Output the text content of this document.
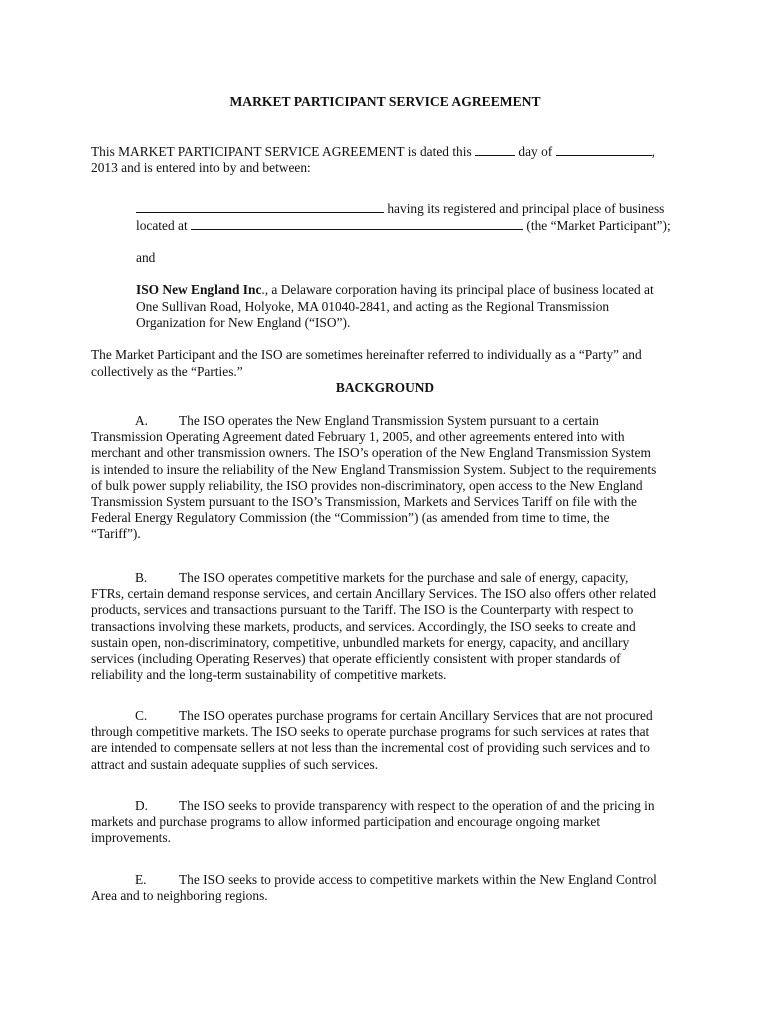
MARKET PARTICIPANT SERVICE AGREEMENT
This MARKET PARTICIPANT SERVICE AGREEMENT is dated this	day of	,
2013 and is entered into by and between:
having its registered and principal place of business
located at	(the “Market Participant”);
and
ISO New England Inc., a Delaware corporation having its principal place of business located at
One Sullivan Road, Holyoke, MA 01040-2841, and acting as the Regional Transmission
Organization for New England (“ISO”).
The Market Participant and the ISO are sometimes hereinafter referred to individually as a “Party” and
collectively as the “Parties.”
BACKGROUND

A. The ISO operates the New England Transmission System pursuant to a certain

Transmission Operating Agreement dated February 1, 2005, and other agreements entered into with

merchant and other transmission owners. The ISO’s operation of the New England Transmission System

is intended to insure the reliability of the New England Transmission System. Subject to the requirements

of bulk power supply reliability, the ISO provides non-discriminatory, open access to the New England

Transmission System pursuant to the ISO’s Transmission, Markets and Services Tariff on file with the

Federal Energy Regulatory Commission (the “Commission”) (as amended from time to time, the

“Tariff”).

B. The ISO operates competitive markets for the purchase and sale of energy, capacity,

FTRs, certain demand response services, and certain Ancillary Services. The ISO also offers other related

products, services and transactions pursuant to the Tariff. The ISO is the Counterparty with respect to

transactions involving these markets, products, and services. Accordingly, the ISO seeks to create and

sustain open, non-discriminatory, competitive, unbundled markets for energy, capacity, and ancillary

services (including Operating Reserves) that operate efficiently consistent with proper standards of

reliability and the long-term sustainability of competitive markets.

C. The ISO operates purchase programs for certain Ancillary Services that are not procured

through competitive markets. The ISO seeks to operate purchase programs for such services at rates that

are intended to compensate sellers at not less than the incremental cost of providing such services and to

attract and sustain adequate supplies of such services.

D. The ISO seeks to provide transparency with respect to the operation of and the pricing in

markets and purchase programs to allow informed participation and encourage ongoing market

improvements.

E. The ISO seeks to provide access to competitive markets within the New England Control

Area and to neighboring regions.
